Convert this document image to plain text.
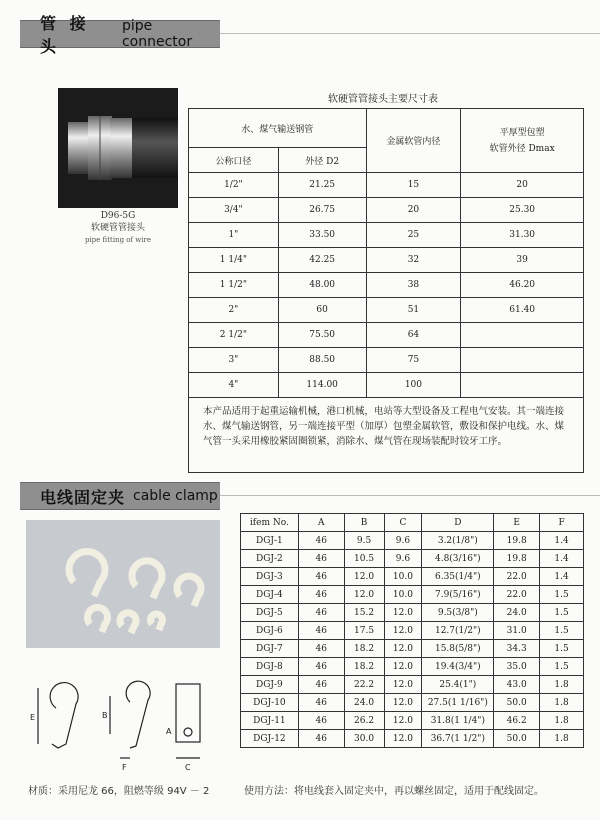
管 接 头
pipe connector
D96-5G
软硬管管接头
pipe fitting of wire
软硬管管接头主要尺寸表
水、煤气输送钢管		金属软管内径	平厚型包塑
软管外径 Dmax

公称口径	外径 D2		
1/2"	21.25	15	20
3/4"	26.75	20	25.30
1"	33.50	25	31.30
1 1/4"	42.25	32	39
1 1/2"	48.00	38	46.20
2"	60	51	61.40
2 1/2"	75.50	64	
3"	88.50	75	
4"	114.00	100	
本产品适用于起重运输机械，港口机械，电站等大型设备及工程电气安装。其一端连接水、煤气输送钢管，另一端连接平型（加厚）包塑金属软管，敷设和保护电线。水、煤气管一头采用橡胶紧固圈锁紧，消除水、煤气管在现场装配时铰牙工序。			
电线固定夹 cable clamp
E	B
F
A
C
ifem No.	A	B	C	D	E	F
DGJ-1	46	9.5	9.6	3.2(1/8")	19.8	1.4
DGJ-2	46	10.5	9.6	4.8(3/16")	19.8	1.4
DGJ-3	46	12.0	10.0	6.35(1/4")	22.0	1.4
DGJ-4	46	12.0	10.0	7.9(5/16")	22.0	1.5
DGJ-5	46	15.2	12.0	9.5(3/8")	24.0	1.5
DGJ-6	46	17.5	12.0	12.7(1/2")	31.0	1.5
DGJ-7	46	18.2	12.0	15.8(5/8")	34.3	1.5
DGJ-8	46	18.2	12.0	19.4(3/4")	35.0	1.5
DGJ-9	46	22.2	12.0	25.4(1")	43.0	1.8
DGJ-10	46	24.0	12.0	27.5(1 1/16")	50.0	1.8
DGJ-11	46	26.2	12.0	31.8(1 1/4")	46.2	1.8
DGJ-12	46	30.0	12.0	36.7(1 1/2")	50.0	1.8
材质：采用尼龙 66，阻燃等级 94V － 2	使用方法：将电线套入固定夹中，再以螺丝固定，适用于配线固定。
